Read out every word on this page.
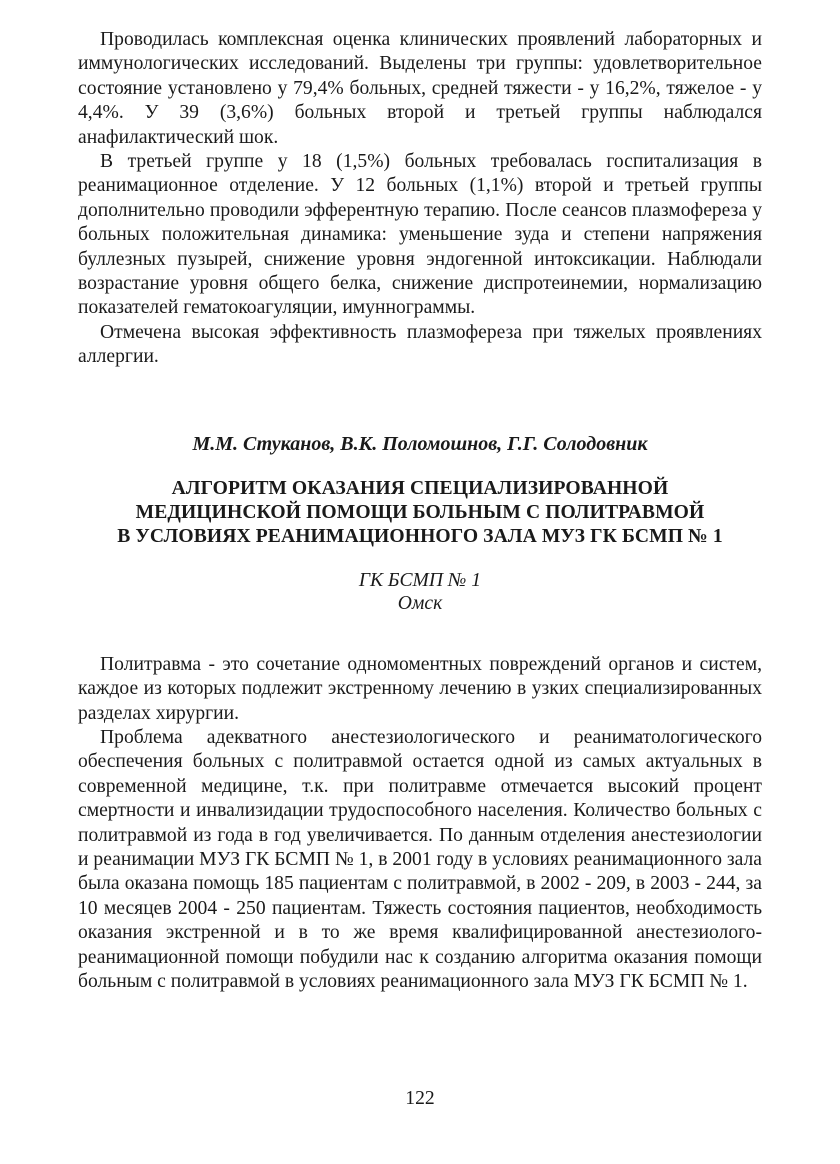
Проводилась комплексная оценка клинических проявлений лабораторных и иммунологических исследований. Выделены три группы: удовлетворительное состояние установлено у 79,4% больных, средней тяжести - у 16,2%, тяжелое - у 4,4%. У 39 (3,6%) больных второй и третьей группы наблюдался анафилактический шок.

В третьей группе у 18 (1,5%) больных требовалась госпитализация в реанимационное отделение. У 12 больных (1,1%) второй и третьей группы дополнительно проводили эфферентную терапию. После сеансов плазмофереза у больных положительная динамика: уменьшение зуда и степени напряжения буллезных пузырей, снижение уровня эндогенной интоксикации. Наблюдали возрастание уровня общего белка, снижение диспротеинемии, нормализацию показателей гематокоагуляции, имуннограммы.

Отмечена высокая эффективность плазмофереза при тяжелых проявлениях аллергии.

М.М. Стуканов, В.К. Поломошнов, Г.Г. Солодовник

АЛГОРИТМ ОКАЗАНИЯ СПЕЦИАЛИЗИРОВАННОЙ
МЕДИЦИНСКОЙ ПОМОЩИ БОЛЬНЫМ С ПОЛИТРАВМОЙ
В УСЛОВИЯХ РЕАНИМАЦИОННОГО ЗАЛА МУЗ ГК БСМП № 1
ГК БСМП № 1
Омск

Политравма - это сочетание одномоментных повреждений органов и систем, каждое из которых подлежит экстренному лечению в узких специализированных разделах хирургии.

Проблема адекватного анестезиологического и реаниматологического обеспечения больных с политравмой остается одной из самых актуальных в современной медицине, т.к. при политравме отмечается высокий процент смертности и инвализидации трудоспособного населения. Количество больных с политравмой из года в год увеличивается. По данным отделения анестезиологии и реанимации МУЗ ГК БСМП № 1, в 2001 году в условиях реанимационного зала была оказана помощь 185 пациентам с политравмой, в 2002 - 209, в 2003 - 244, за 10 месяцев 2004 - 250 пациентам. Тяжесть состояния пациентов, необходимость оказания экстренной и в то же время квалифицированной анестезиолого-реанимационной помощи побудили нас к созданию алгоритма оказания помощи больным с политравмой в условиях реанимационного зала МУЗ ГК БСМП № 1.

122
